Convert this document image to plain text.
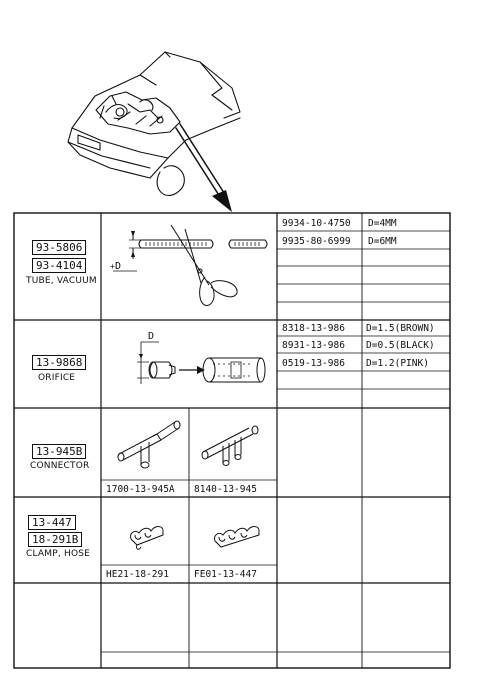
93-5806
93-4104
TUBE, VACUUM
D
+
9934-10-4750 D=4MM
9935-80-6999 D=6MM
13-9868
ORIFICE
D
8318-13-986 D=1.5(BROWN)
8931-13-986 D=0.5(BLACK)
0519-13-986 D=1.2(PINK)
13-945B
CONNECTOR
1700-13-945A 8140-13-945
13-447
18-291B
CLAMP, HOSE
HE21-18-291	FE01-13-447
